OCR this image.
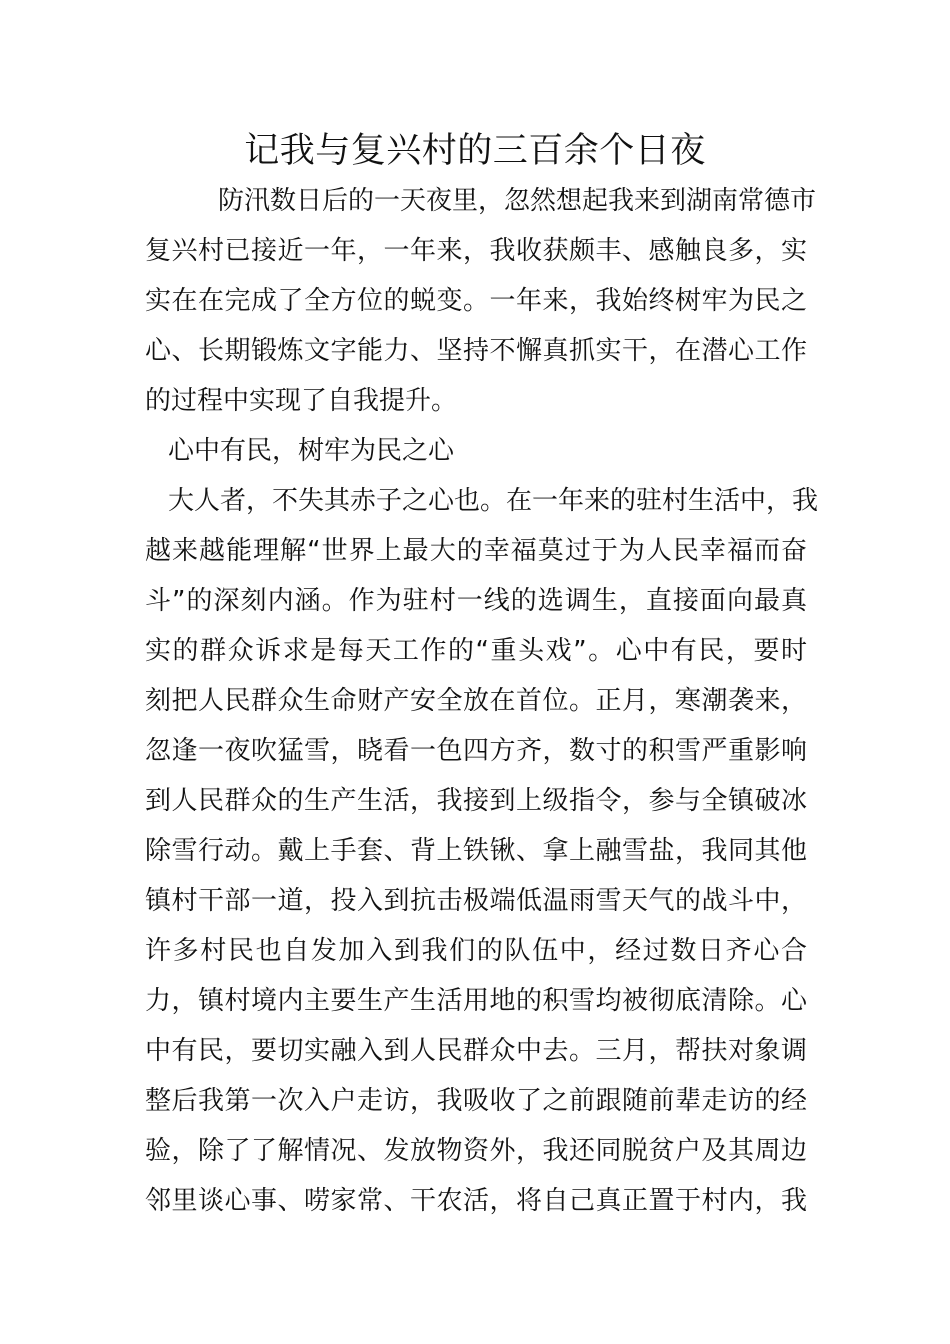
记我与复兴村的三百余个日夜
防汛数日后的一天夜里，忽然想起我来到湖南常德市
复兴村已接近一年，一年来，我收获颇丰、感触良多，实
实在在完成了全方位的蜕变。一年来，我始终树牢为民之
心、长期锻炼文字能力、坚持不懈真抓实干，在潜心工作
的过程中实现了自我提升。
心中有民，树牢为民之心
大人者，不失其赤子之心也。在一年来的驻村生活中，我
越来越能理解“世界上最大的幸福莫过于为人民幸福而奋
斗”的深刻内涵。作为驻村一线的选调生，直接面向最真
实的群众诉求是每天工作的“重头戏”。心中有民，要时
刻把人民群众生命财产安全放在首位。正月，寒潮袭来，
忽逢一夜吹猛雪，晓看一色四方齐，数寸的积雪严重影响
到人民群众的生产生活，我接到上级指令，参与全镇破冰
除雪行动。戴上手套、背上铁锹、拿上融雪盐，我同其他
镇村干部一道，投入到抗击极端低温雨雪天气的战斗中，
许多村民也自发加入到我们的队伍中，经过数日齐心合
力，镇村境内主要生产生活用地的积雪均被彻底清除。心
中有民，要切实融入到人民群众中去。三月，帮扶对象调
整后我第一次入户走访，我吸收了之前跟随前辈走访的经
验，除了了解情况、发放物资外，我还同脱贫户及其周边
邻里谈心事、唠家常、干农活，将自己真正置于村内，我
